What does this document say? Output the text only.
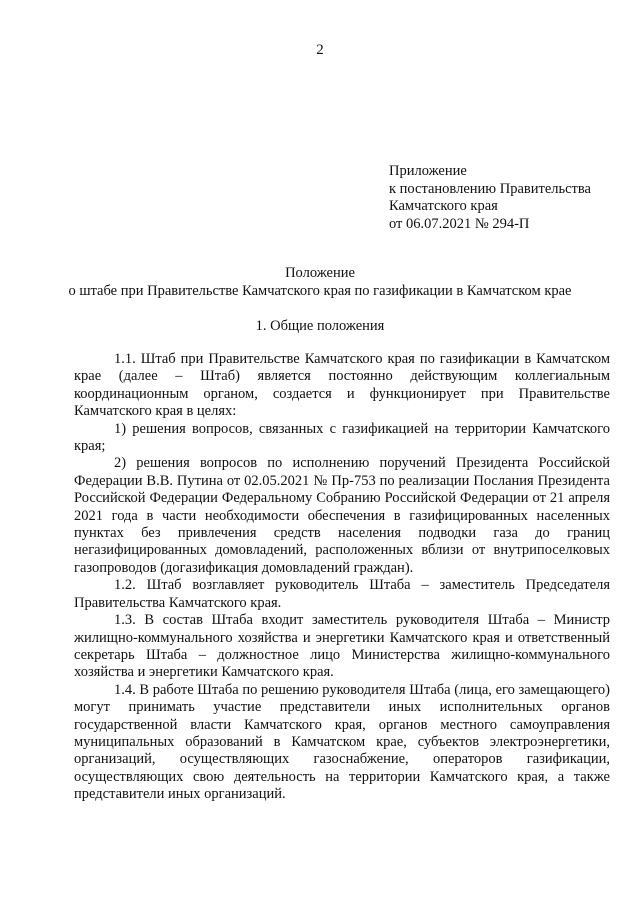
2
Приложение
к постановлению Правительства
Камчатского края
от 06.07.2021 № 294-П
Положение
о штабе при Правительстве Камчатского края по газификации в Камчатском крае
1. Общие положения

1.1. Штаб при Правительстве Камчатского края по газификации в Камчатском крае (далее – Штаб) является постоянно действующим коллегиальным координационным органом, создается и функционирует при Правительстве Камчатского края в целях:

1) решения вопросов, связанных с газификацией на территории Камчатского края;

2) решения вопросов по исполнению поручений Президента Российской Федерации В.В. Путина от 02.05.2021 № Пр-753 по реализации Послания Президента Российской Федерации Федеральному Собранию Российской Федерации от 21 апреля 2021 года в части необходимости обеспечения в газифицированных населенных пунктах без привлечения средств населения подводки газа до границ негазифицированных домовладений, расположенных вблизи от внутрипоселковых газопроводов (догазификация домовладений граждан).

1.2. Штаб возглавляет руководитель Штаба – заместитель Председателя Правительства Камчатского края.

1.3. В состав Штаба входит заместитель руководителя Штаба – Министр жилищно-коммунального хозяйства и энергетики Камчатского края и ответственный секретарь Штаба – должностное лицо Министерства жилищно-коммунального хозяйства и энергетики Камчатского края.

1.4. В работе Штаба по решению руководителя Штаба (лица, его замещающего) могут принимать участие представители иных исполнительных органов государственной власти Камчатского края, органов местного самоуправления муниципальных образований в Камчатском крае, субъектов электроэнергетики, организаций, осуществляющих газоснабжение, операторов газификации, осуществляющих свою деятельность на территории Камчатского края, а также представители иных организаций.
